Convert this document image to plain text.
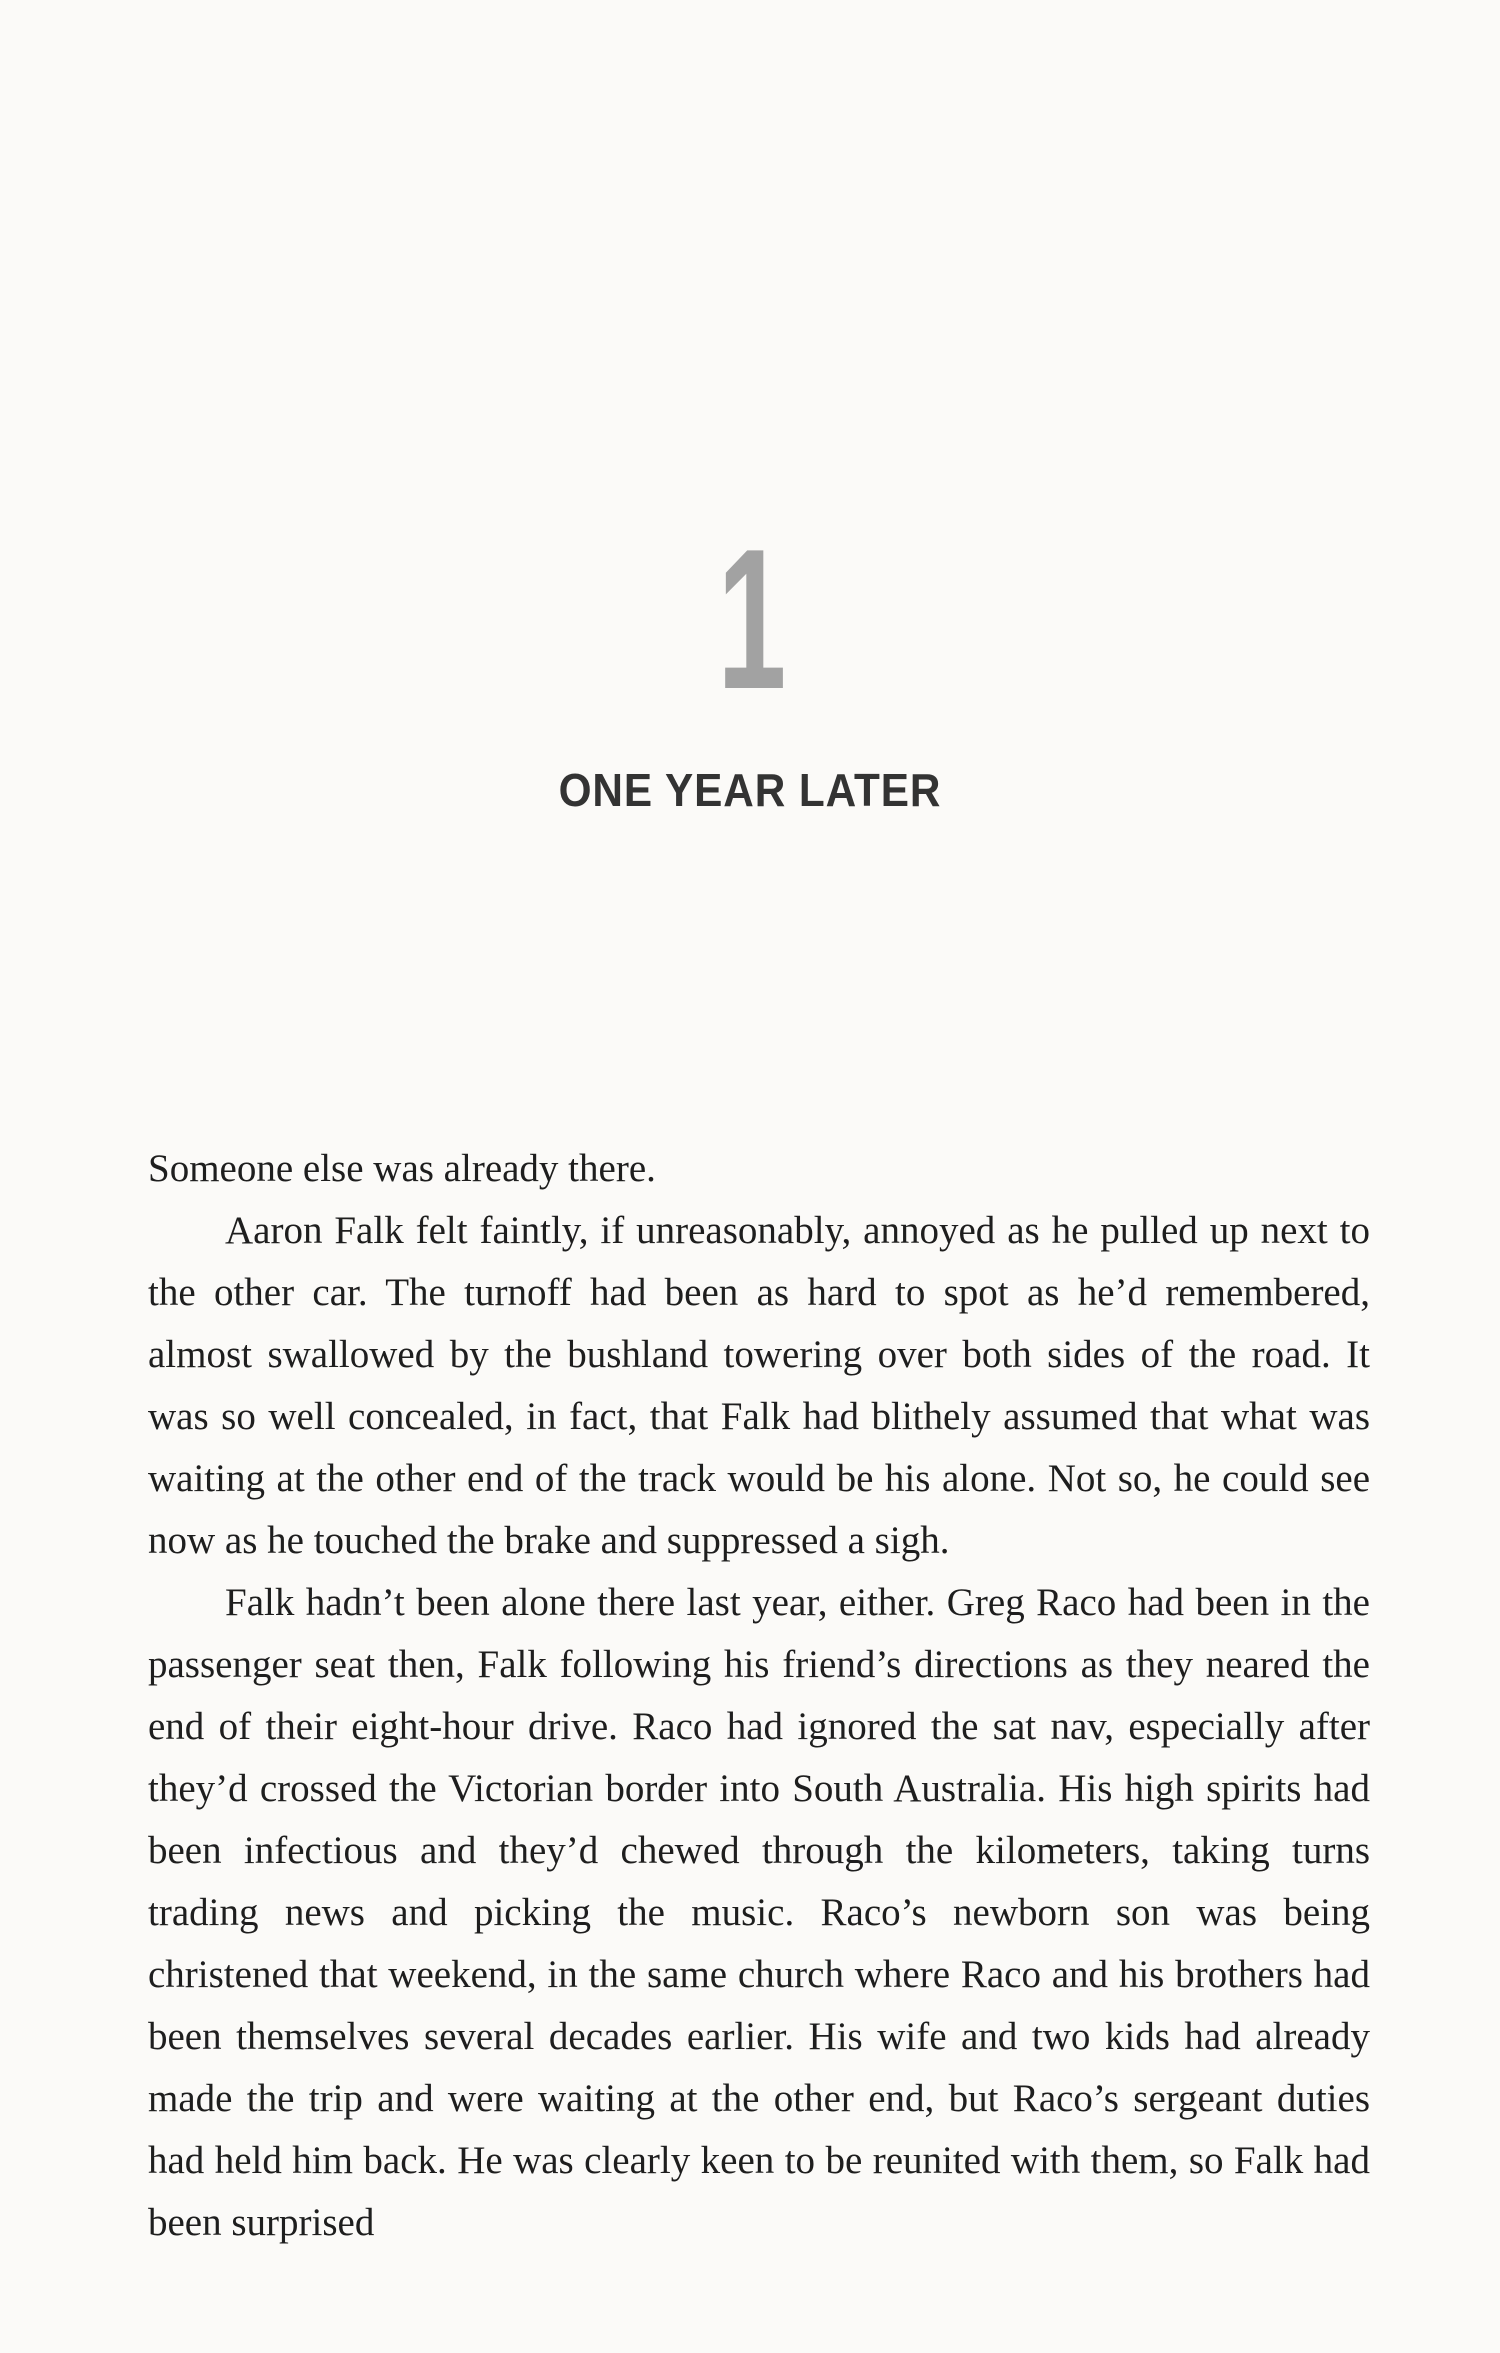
1
ONE YEAR LATER

Someone else was already there.

Aaron Falk felt faintly, if unreasonably, annoyed as he pulled up next to the other car. The turnoff had been as hard to spot as he’d remembered, almost swallowed by the bushland towering over both sides of the road. It was so well concealed, in fact, that Falk had blithely assumed that what was waiting at the other end of the track would be his alone. Not so, he could see now as he touched the brake and suppressed a sigh.

Falk hadn’t been alone there last year, either. Greg Raco had been in the passenger seat then, Falk following his friend’s directions as they neared the end of their eight-hour drive. Raco had ignored the sat nav, especially after they’d crossed the Victorian border into South Australia. His high spirits had been infectious and they’d chewed through the kilometers, taking turns trading news and picking the music. Raco’s newborn son was being christened that weekend, in the same church where Raco and his brothers had been themselves several decades earlier. His wife and two kids had already made the trip and were waiting at the other end, but Raco’s sergeant duties had held him back. He was clearly keen to be reunited with them, so Falk had been surprised
